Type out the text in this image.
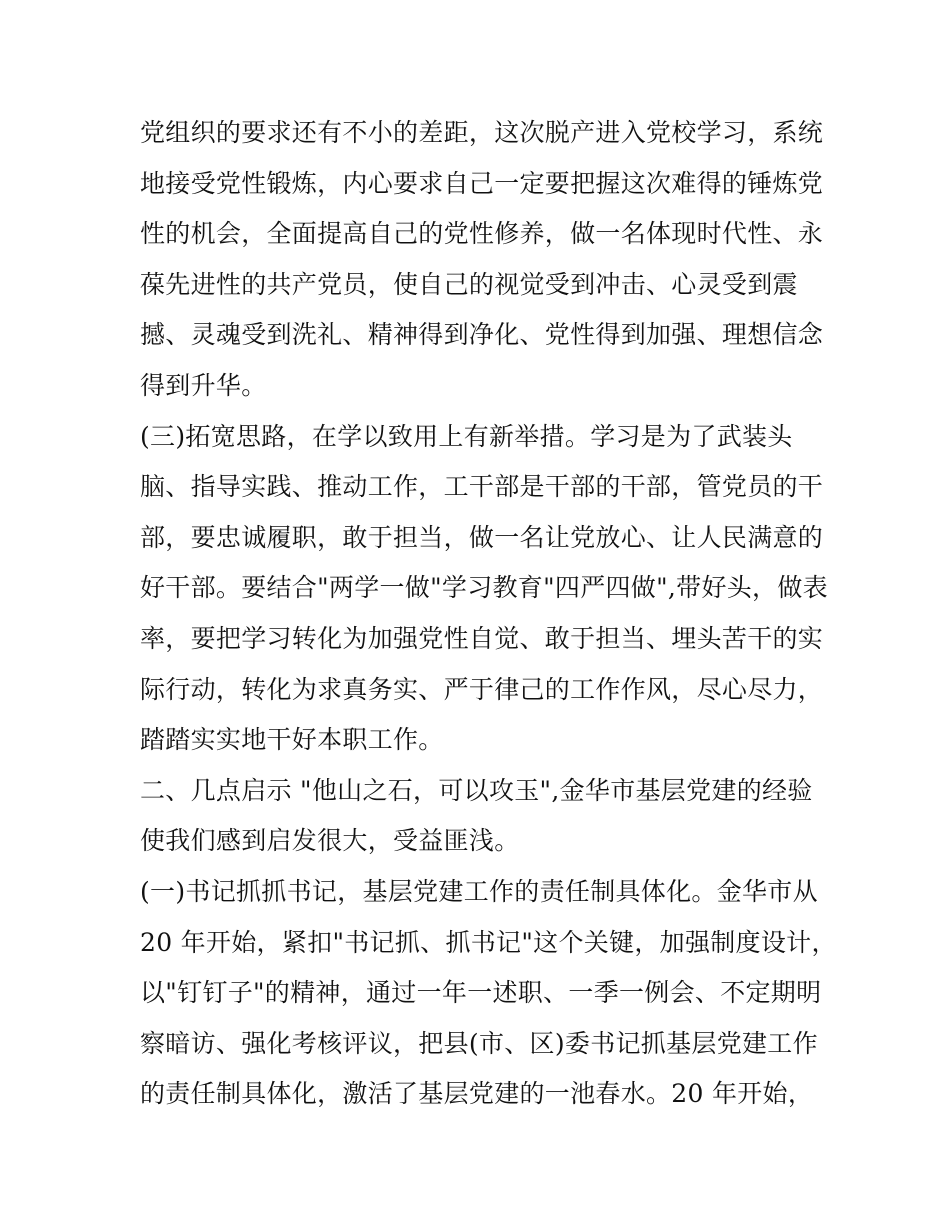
党组织的要求还有不小的差距，这次脱产进入党校学习，系统
地接受党性锻炼，内心要求自己一定要把握这次难得的锤炼党
性的机会，全面提高自己的党性修养，做一名体现时代性、永
葆先进性的共产党员，使自己的视觉受到冲击、心灵受到震
撼、灵魂受到洗礼、精神得到净化、党性得到加强、理想信念
得到升华。
(三)拓宽思路，在学以致用上有新举措。学习是为了武装头
脑、指导实践、推动工作，工干部是干部的干部，管党员的干
部，要忠诚履职，敢于担当，做一名让党放心、让人民满意的
好干部。要结合"两学一做"学习教育"四严四做",带好头，做表
率，要把学习转化为加强党性自觉、敢于担当、埋头苦干的实
际行动，转化为求真务实、严于律己的工作作风，尽心尽力，
踏踏实实地干好本职工作。
二、几点启示 "他山之石，可以攻玉",金华市基层党建的经验
使我们感到启发很大，受益匪浅。
(一)书记抓抓书记，基层党建工作的责任制具体化。金华市从
20 年开始，紧扣"书记抓、抓书记"这个关键，加强制度设计，
以"钉钉子"的精神，通过一年一述职、一季一例会、不定期明
察暗访、强化考核评议，把县(市、区)委书记抓基层党建工作
的责任制具体化，激活了基层党建的一池春水。20 年开始，
